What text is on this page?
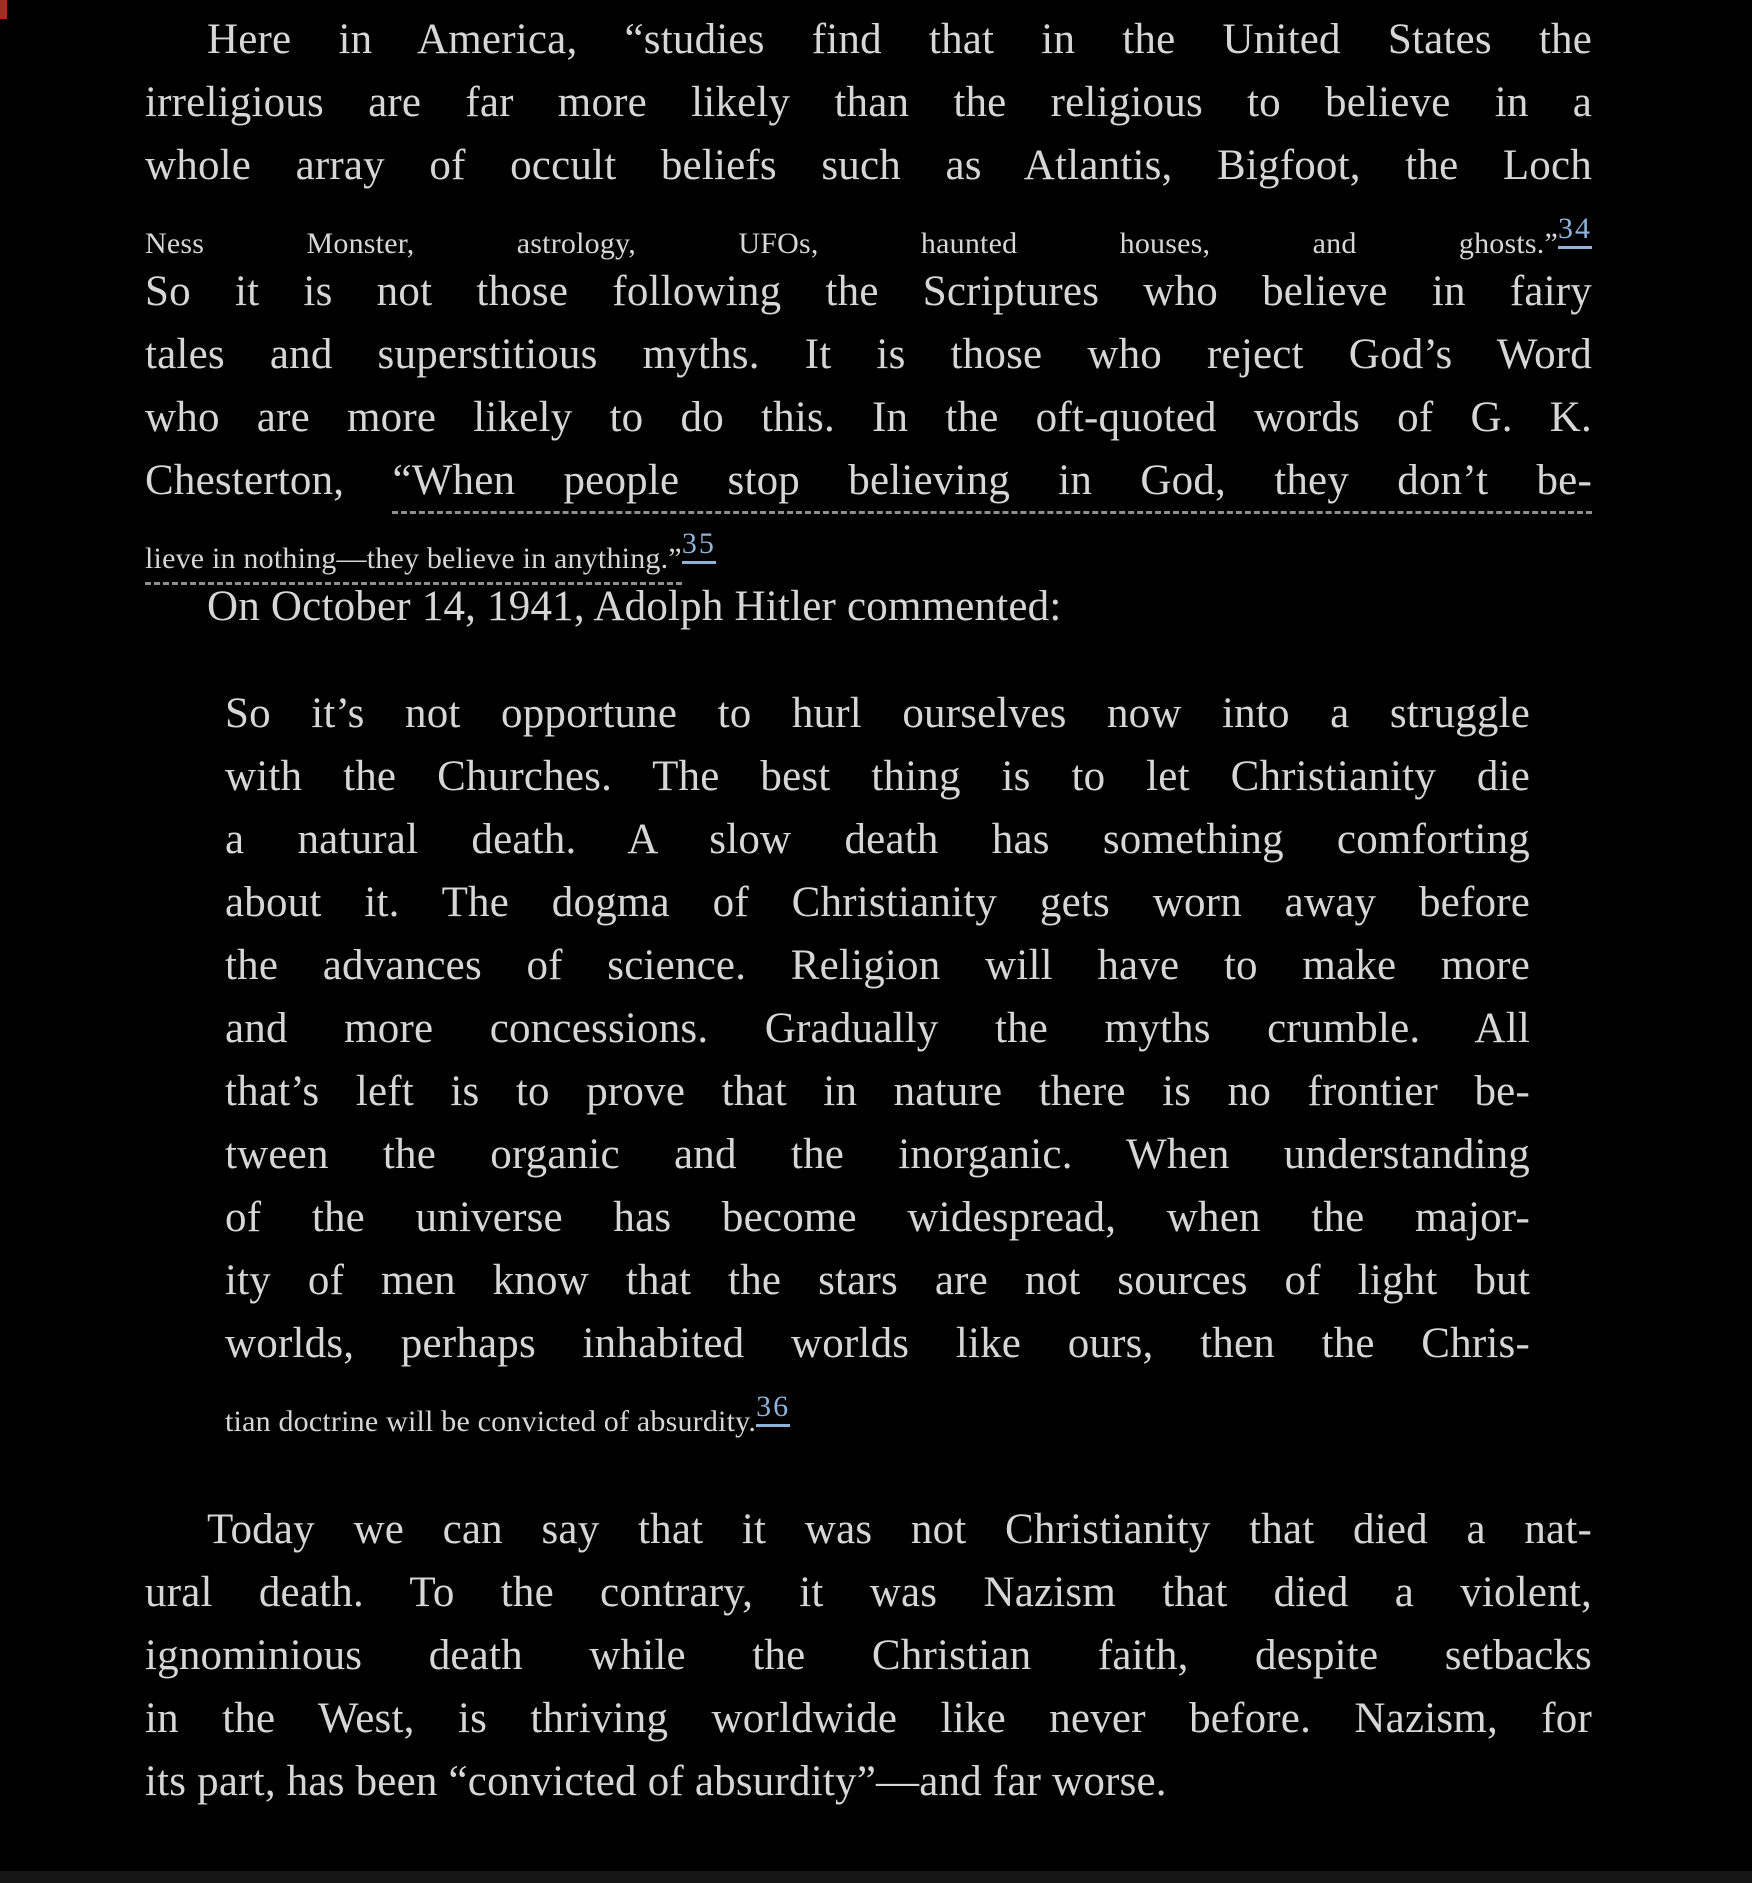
Here in America, “studies find that in the United States the
irreligious are far more likely than the religious to believe in a
whole array of occult beliefs such as Atlantis, Bigfoot, the Loch
Ness Monster, astrology, UFOs, haunted houses, and ghosts.”34
So it is not those following the Scriptures who believe in fairy
tales and superstitious myths. It is those who reject God’s Word
who are more likely to do this. In the oft-quoted words of G. K.
Chesterton, “When people stop believing in God, they don’t be-
lieve in nothing—they believe in anything.”35
On October 14, 1941, Adolph Hitler commented:
So it’s not opportune to hurl ourselves now into a struggle
with the Churches. The best thing is to let Christianity die
a natural death. A slow death has something comforting
about it. The dogma of Christianity gets worn away before
the advances of science. Religion will have to make more
and more concessions. Gradually the myths crumble. All
that’s left is to prove that in nature there is no frontier be-
tween the organic and the inorganic. When understanding
of the universe has become widespread, when the major-
ity of men know that the stars are not sources of light but
worlds, perhaps inhabited worlds like ours, then the Chris-
tian doctrine will be convicted of absurdity.36
Today we can say that it was not Christianity that died a nat-
ural death. To the contrary, it was Nazism that died a violent,
ignominious death while the Christian faith, despite setbacks
in the West, is thriving worldwide like never before. Nazism, for
its part, has been “convicted of absurdity”—and far worse.
